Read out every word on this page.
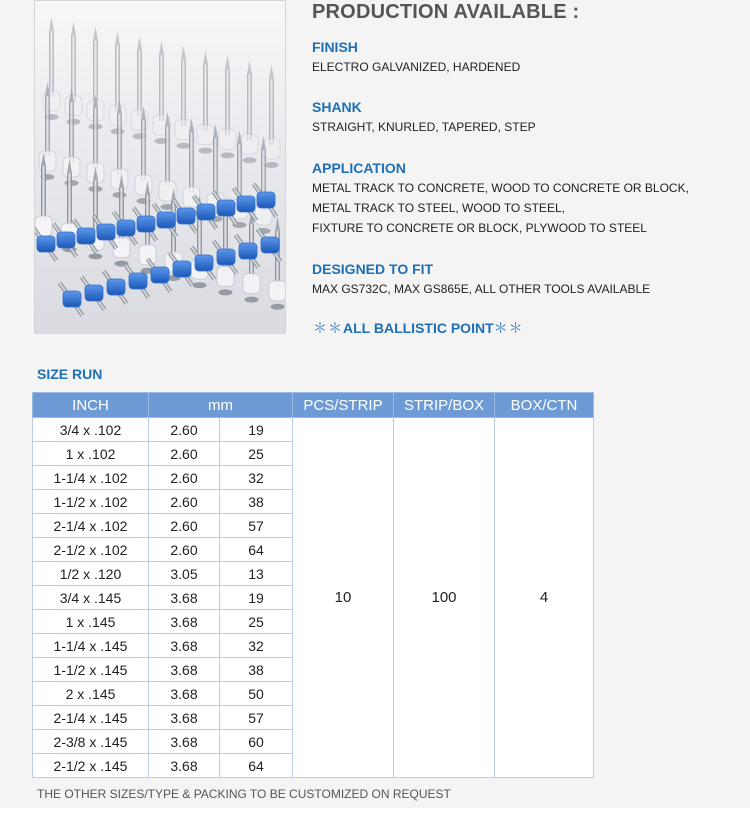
PRODUCTION AVAILABLE :
FINISH
ELECTRO GALVANIZED, HARDENED
SHANK
STRAIGHT, KNURLED, TAPERED, STEP
APPLICATION
METAL TRACK TO CONCRETE, WOOD TO CONCRETE OR BLOCK,
METAL TRACK TO STEEL, WOOD TO STEEL,
FIXTURE TO CONCRETE OR BLOCK, PLYWOOD TO STEEL
DESIGNED TO FIT
MAX GS732C, MAX GS865E, ALL OTHER TOOLS AVAILABLE
＊＊ALL BALLISTIC POINT＊＊
SIZE RUN
INCH	mm		PCS/STRIP	STRIP/BOX	BOX/CTN
3/4 x .102	2.60	19	10	100	4
1 x .102	2.60	25			
1-1/4 x .102	2.60	32			
1-1/2 x .102	2.60	38			
2-1/4 x .102	2.60	57			
2-1/2 x .102	2.60	64			
1/2 x .120	3.05	13			
3/4 x .145	3.68	19			
1 x .145	3.68	25			
1-1/4 x .145	3.68	32			
1-1/2 x .145	3.68	38			
2 x .145	3.68	50			
2-1/4 x .145	3.68	57			
2-3/8 x .145	3.68	60			
2-1/2 x .145	3.68	64			
THE OTHER SIZES/TYPE & PACKING TO BE CUSTOMIZED ON REQUEST
